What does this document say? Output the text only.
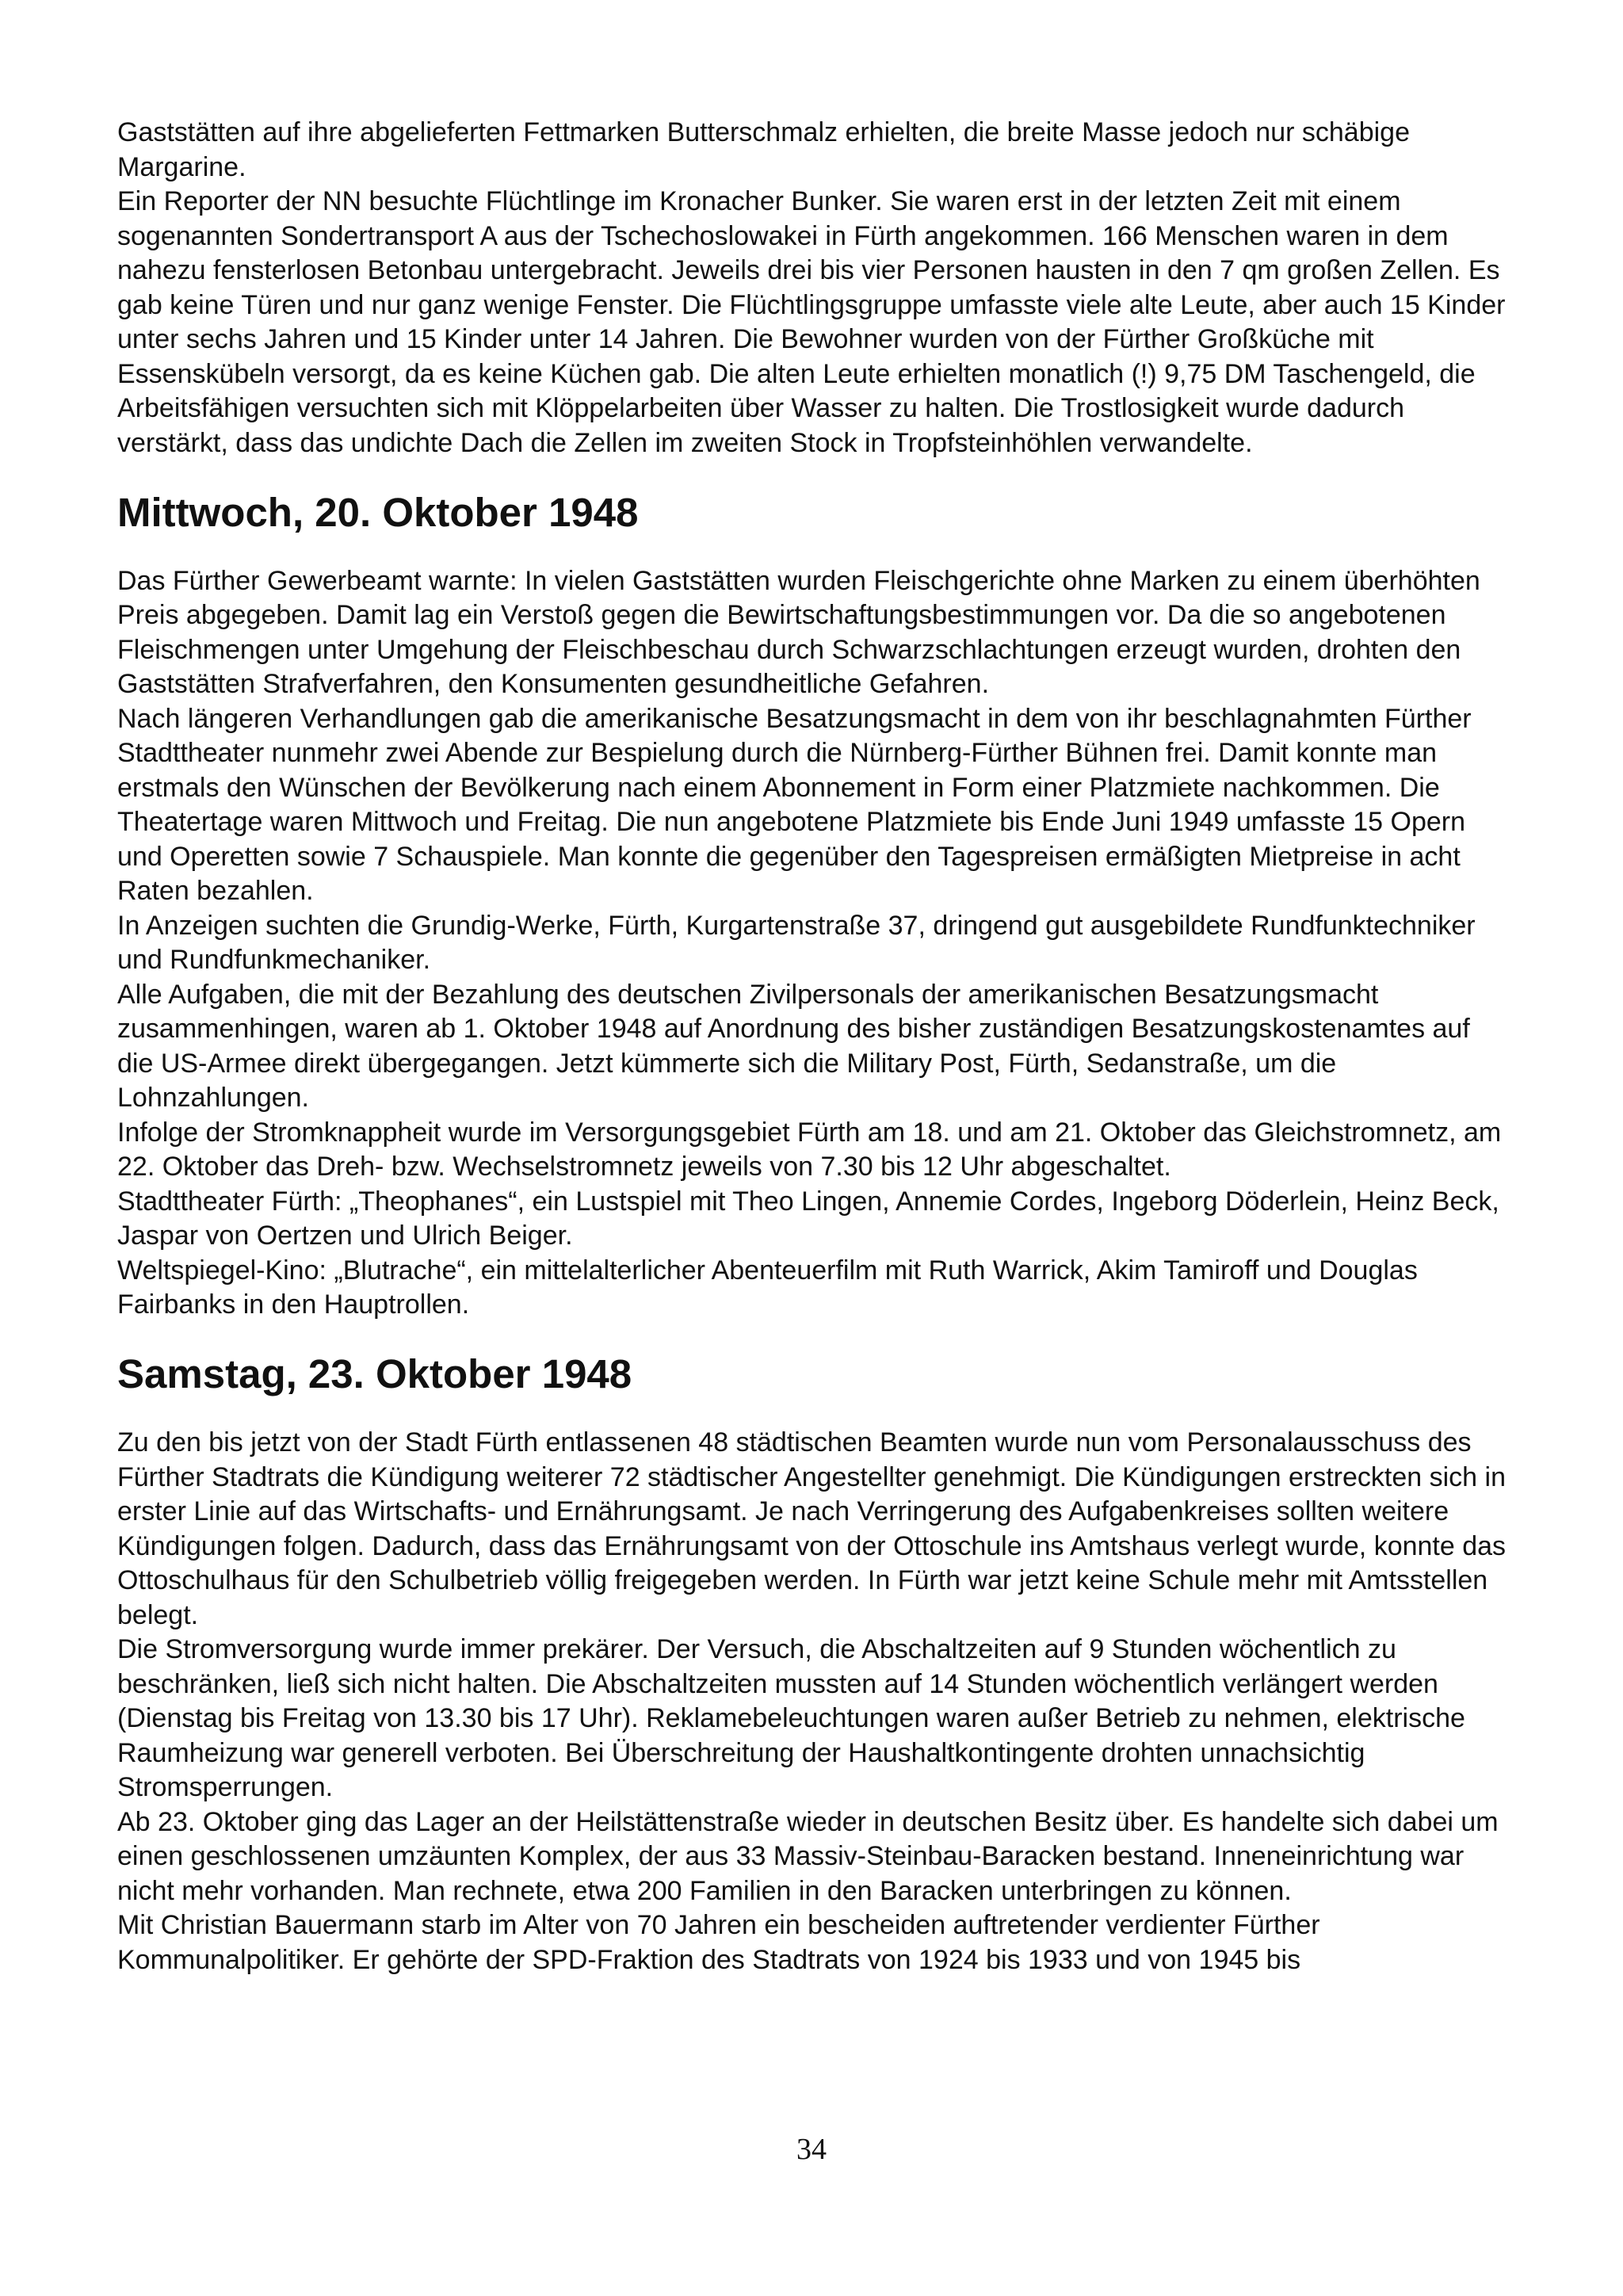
Gaststätten auf ihre abgelieferten Fettmarken Butterschmalz erhielten, die breite Masse jedoch nur schäbige Margarine.

Ein Reporter der NN besuchte Flüchtlinge im Kronacher Bunker. Sie waren erst in der letzten Zeit mit einem sogenannten Sondertransport A aus der Tschechoslowakei in Fürth angekommen. 166 Menschen waren in dem nahezu fensterlosen Betonbau untergebracht. Jeweils drei bis vier Personen hausten in den 7 qm großen Zellen. Es gab keine Türen und nur ganz wenige Fenster. Die Flüchtlingsgruppe umfasste viele alte Leute, aber auch 15 Kinder unter sechs Jahren und 15 Kinder unter 14 Jahren. Die Bewohner wurden von der Fürther Großküche mit Essenskübeln versorgt, da es keine Küchen gab. Die alten Leute erhielten monatlich (!) 9,75 DM Taschengeld, die Arbeitsfähigen versuchten sich mit Klöppelarbeiten über Wasser zu halten. Die Trostlosigkeit wurde dadurch verstärkt, dass das undichte Dach die Zellen im zweiten Stock in Tropfsteinhöhlen verwandelte.

Mittwoch, 20. Oktober 1948

Das Fürther Gewerbeamt warnte: In vielen Gaststätten wurden Fleischgerichte ohne Marken zu einem überhöhten Preis abgegeben. Damit lag ein Verstoß gegen die Bewirtschaftungsbestimmungen vor. Da die so angebotenen Fleischmengen unter Umgehung der Fleischbeschau durch Schwarzschlachtungen erzeugt wurden, drohten den Gaststätten Strafverfahren, den Konsumenten gesundheitliche Gefahren.

Nach längeren Verhandlungen gab die amerikanische Besatzungsmacht in dem von ihr beschlagnahmten Fürther Stadttheater nunmehr zwei Abende zur Bespielung durch die Nürnberg-Fürther Bühnen frei. Damit konnte man erstmals den Wünschen der Bevölkerung nach einem Abonnement in Form einer Platzmiete nachkommen. Die Theatertage waren Mittwoch und Freitag. Die nun angebotene Platzmiete bis Ende Juni 1949 umfasste 15 Opern und Operetten sowie 7 Schauspiele. Man konnte die gegenüber den Tagespreisen ermäßigten Mietpreise in acht Raten bezahlen.

In Anzeigen suchten die Grundig-Werke, Fürth, Kurgartenstraße 37, dringend gut ausgebildete Rundfunktechniker und Rundfunkmechaniker.

Alle Aufgaben, die mit der Bezahlung des deutschen Zivilpersonals der amerikanischen Besatzungsmacht zusammenhingen, waren ab 1. Oktober 1948 auf Anordnung des bisher zuständigen Besatzungskostenamtes auf die US-Armee direkt übergegangen. Jetzt kümmerte sich die Military Post, Fürth, Sedanstraße, um die Lohnzahlungen.

Infolge der Stromknappheit wurde im Versorgungsgebiet Fürth am 18. und am 21. Oktober das Gleichstromnetz, am 22. Oktober das Dreh- bzw. Wechselstromnetz jeweils von 7.30 bis 12 Uhr abgeschaltet.

Stadttheater Fürth: „Theophanes“, ein Lustspiel mit Theo Lingen, Annemie Cordes, Ingeborg Döderlein, Heinz Beck, Jaspar von Oertzen und Ulrich Beiger.

Weltspiegel-Kino: „Blutrache“, ein mittelalterlicher Abenteuerfilm mit Ruth Warrick, Akim Tamiroff und Douglas Fairbanks in den Hauptrollen.

Samstag, 23. Oktober 1948

Zu den bis jetzt von der Stadt Fürth entlassenen 48 städtischen Beamten wurde nun vom Personalausschuss des Fürther Stadtrats die Kündigung weiterer 72 städtischer Angestellter genehmigt. Die Kündigungen erstreckten sich in erster Linie auf das Wirtschafts- und Ernährungsamt. Je nach Verringerung des Aufgabenkreises sollten weitere Kündigungen folgen. Dadurch, dass das Ernährungsamt von der Ottoschule ins Amtshaus verlegt wurde, konnte das Ottoschulhaus für den Schulbetrieb völlig freigegeben werden. In Fürth war jetzt keine Schule mehr mit Amtsstellen belegt.

Die Stromversorgung wurde immer prekärer. Der Versuch, die Abschaltzeiten auf 9 Stunden wöchentlich zu beschränken, ließ sich nicht halten. Die Abschaltzeiten mussten auf 14 Stunden wöchentlich verlängert werden (Dienstag bis Freitag von 13.30 bis 17 Uhr). Reklamebeleuchtungen waren außer Betrieb zu nehmen, elektrische Raumheizung war generell verboten. Bei Überschreitung der Haushaltkontingente drohten unnachsichtig Stromsperrungen.

Ab 23. Oktober ging das Lager an der Heilstättenstraße wieder in deutschen Besitz über. Es handelte sich dabei um einen geschlossenen umzäunten Komplex, der aus 33 Massiv-Steinbau-Baracken bestand. Inneneinrichtung war nicht mehr vorhanden. Man rechnete, etwa 200 Familien in den Baracken unterbringen zu können.

Mit Christian Bauermann starb im Alter von 70 Jahren ein bescheiden auftretender verdienter Fürther Kommunalpolitiker. Er gehörte der SPD-Fraktion des Stadtrats von 1924 bis 1933 und von 1945 bis

34
